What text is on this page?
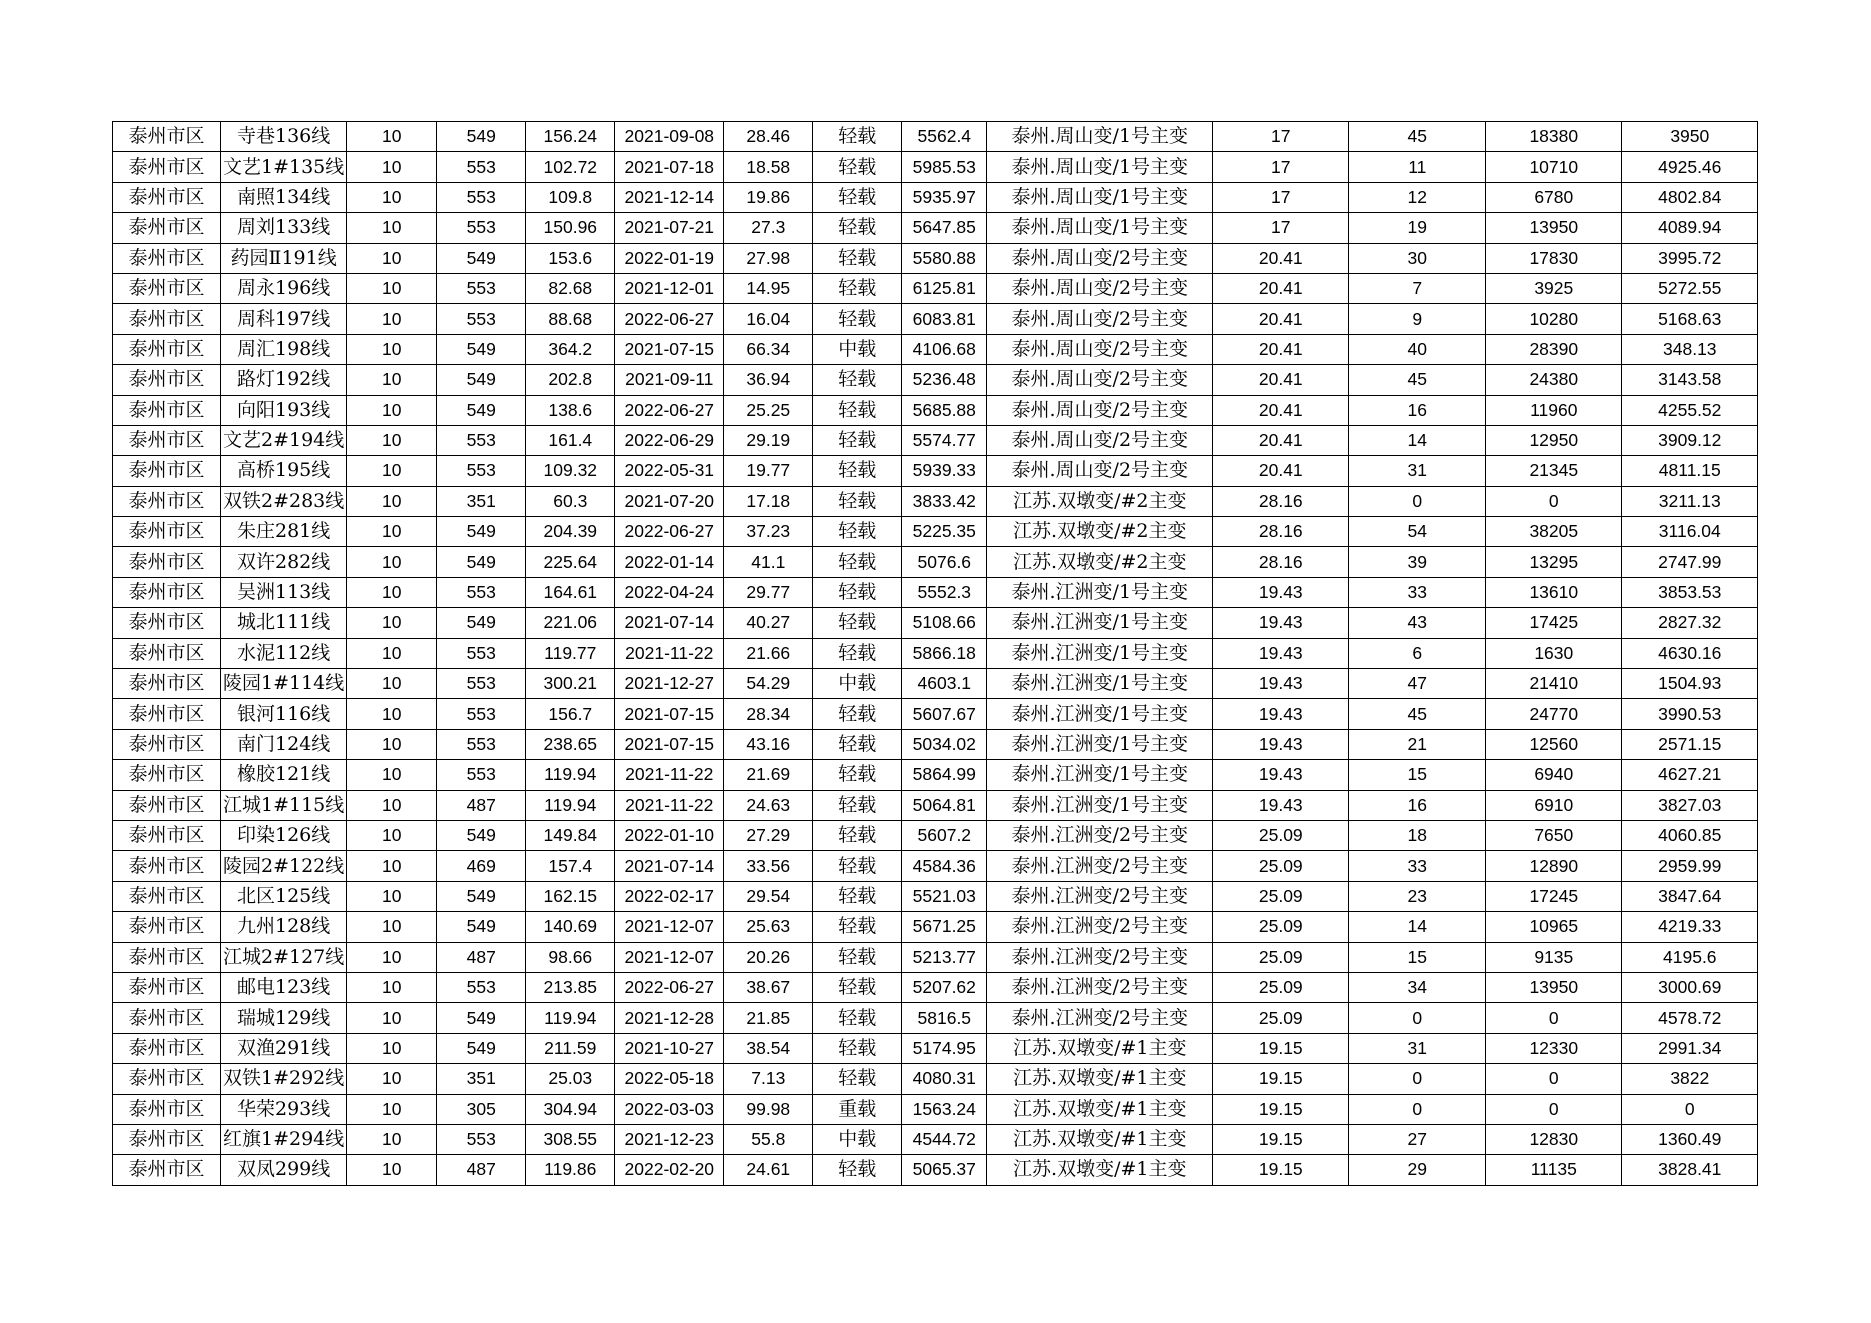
泰州市区	寺巷136线	10	549	156.24	2021-09-08	28.46	轻载	5562.4	泰州.周山变/1号主变	17	45	18380	3950
泰州市区	文艺1#135线	10	553	102.72	2021-07-18	18.58	轻载	5985.53	泰州.周山变/1号主变	17	11	10710	4925.46
泰州市区	南照134线	10	553	109.8	2021-12-14	19.86	轻载	5935.97	泰州.周山变/1号主变	17	12	6780	4802.84
泰州市区	周刘133线	10	553	150.96	2021-07-21	27.3	轻载	5647.85	泰州.周山变/1号主变	17	19	13950	4089.94
泰州市区	药园Ⅱ191线	10	549	153.6	2022-01-19	27.98	轻载	5580.88	泰州.周山变/2号主变	20.41	30	17830	3995.72
泰州市区	周永196线	10	553	82.68	2021-12-01	14.95	轻载	6125.81	泰州.周山变/2号主变	20.41	7	3925	5272.55
泰州市区	周科197线	10	553	88.68	2022-06-27	16.04	轻载	6083.81	泰州.周山变/2号主变	20.41	9	10280	5168.63
泰州市区	周汇198线	10	549	364.2	2021-07-15	66.34	中载	4106.68	泰州.周山变/2号主变	20.41	40	28390	348.13
泰州市区	路灯192线	10	549	202.8	2021-09-11	36.94	轻载	5236.48	泰州.周山变/2号主变	20.41	45	24380	3143.58
泰州市区	向阳193线	10	549	138.6	2022-06-27	25.25	轻载	5685.88	泰州.周山变/2号主变	20.41	16	11960	4255.52
泰州市区	文艺2#194线	10	553	161.4	2022-06-29	29.19	轻载	5574.77	泰州.周山变/2号主变	20.41	14	12950	3909.12
泰州市区	高桥195线	10	553	109.32	2022-05-31	19.77	轻载	5939.33	泰州.周山变/2号主变	20.41	31	21345	4811.15
泰州市区	双铁2#283线	10	351	60.3	2021-07-20	17.18	轻载	3833.42	江苏.双墩变/#2主变	28.16	0	0	3211.13
泰州市区	朱庄281线	10	549	204.39	2022-06-27	37.23	轻载	5225.35	江苏.双墩变/#2主变	28.16	54	38205	3116.04
泰州市区	双许282线	10	549	225.64	2022-01-14	41.1	轻载	5076.6	江苏.双墩变/#2主变	28.16	39	13295	2747.99
泰州市区	吴洲113线	10	553	164.61	2022-04-24	29.77	轻载	5552.3	泰州.江洲变/1号主变	19.43	33	13610	3853.53
泰州市区	城北111线	10	549	221.06	2021-07-14	40.27	轻载	5108.66	泰州.江洲变/1号主变	19.43	43	17425	2827.32
泰州市区	水泥112线	10	553	119.77	2021-11-22	21.66	轻载	5866.18	泰州.江洲变/1号主变	19.43	6	1630	4630.16
泰州市区	陵园1#114线	10	553	300.21	2021-12-27	54.29	中载	4603.1	泰州.江洲变/1号主变	19.43	47	21410	1504.93
泰州市区	银河116线	10	553	156.7	2021-07-15	28.34	轻载	5607.67	泰州.江洲变/1号主变	19.43	45	24770	3990.53
泰州市区	南门124线	10	553	238.65	2021-07-15	43.16	轻载	5034.02	泰州.江洲变/1号主变	19.43	21	12560	2571.15
泰州市区	橡胶121线	10	553	119.94	2021-11-22	21.69	轻载	5864.99	泰州.江洲变/1号主变	19.43	15	6940	4627.21
泰州市区	江城1#115线	10	487	119.94	2021-11-22	24.63	轻载	5064.81	泰州.江洲变/1号主变	19.43	16	6910	3827.03
泰州市区	印染126线	10	549	149.84	2022-01-10	27.29	轻载	5607.2	泰州.江洲变/2号主变	25.09	18	7650	4060.85
泰州市区	陵园2#122线	10	469	157.4	2021-07-14	33.56	轻载	4584.36	泰州.江洲变/2号主变	25.09	33	12890	2959.99
泰州市区	北区125线	10	549	162.15	2022-02-17	29.54	轻载	5521.03	泰州.江洲变/2号主变	25.09	23	17245	3847.64
泰州市区	九州128线	10	549	140.69	2021-12-07	25.63	轻载	5671.25	泰州.江洲变/2号主变	25.09	14	10965	4219.33
泰州市区	江城2#127线	10	487	98.66	2021-12-07	20.26	轻载	5213.77	泰州.江洲变/2号主变	25.09	15	9135	4195.6
泰州市区	邮电123线	10	553	213.85	2022-06-27	38.67	轻载	5207.62	泰州.江洲变/2号主变	25.09	34	13950	3000.69
泰州市区	瑞城129线	10	549	119.94	2021-12-28	21.85	轻载	5816.5	泰州.江洲变/2号主变	25.09	0	0	4578.72
泰州市区	双渔291线	10	549	211.59	2021-10-27	38.54	轻载	5174.95	江苏.双墩变/#1主变	19.15	31	12330	2991.34
泰州市区	双铁1#292线	10	351	25.03	2022-05-18	7.13	轻载	4080.31	江苏.双墩变/#1主变	19.15	0	0	3822
泰州市区	华荣293线	10	305	304.94	2022-03-03	99.98	重载	1563.24	江苏.双墩变/#1主变	19.15	0	0	0
泰州市区	红旗1#294线	10	553	308.55	2021-12-23	55.8	中载	4544.72	江苏.双墩变/#1主变	19.15	27	12830	1360.49
泰州市区	双凤299线	10	487	119.86	2022-02-20	24.61	轻载	5065.37	江苏.双墩变/#1主变	19.15	29	11135	3828.41
